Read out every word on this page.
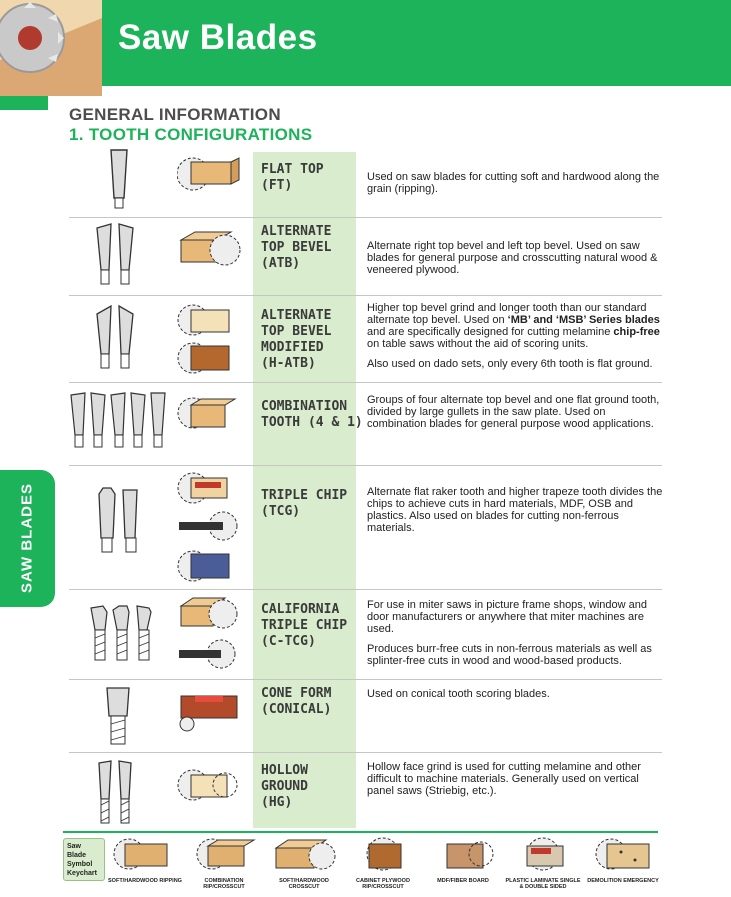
Saw Blades
SAW BLADES
GENERAL INFORMATION
1. TOOTH CONFIGURATIONS
FLAT TOP
(FT)

Used on saw blades for cutting soft and hardwood along the grain (ripping).

ALTERNATE
TOP BEVEL
(ATB)

Alternate right top bevel and left top bevel. Used on saw blades for general purpose and crosscutting natural wood & veneered plywood.

ALTERNATE
TOP BEVEL
MODIFIED
(H-ATB)

Higher top bevel grind and longer tooth than our standard alternate top bevel. Used on ‘MB’ and ‘MSB’ Series blades and are specifically designed for cutting melamine chip-free on table saws without the aid of scoring units.

Also used on dado sets, only every 6th tooth is flat ground.

COMBINATION
TOOTH (4 & 1)

Groups of four alternate top bevel and one flat ground tooth, divided by large gullets in the saw plate. Used on combination blades for general purpose wood applications.

TRIPLE CHIP
(TCG)

Alternate flat raker tooth and higher trapeze tooth divides the chips to achieve cuts in hard materials, MDF, OSB and plastics. Also used on blades for cutting non-ferrous materials.

CALIFORNIA
TRIPLE CHIP
(C-TCG)

For use in miter saws in picture frame shops, window and door manufacturers or anywhere that miter machines are used.

Produces burr-free cuts in non-ferrous materials as well as splinter-free cuts in wood and wood-based products.

CONE FORM
(CONICAL)

Used on conical tooth scoring blades.

HOLLOW
GROUND
(HG)

Hollow face grind is used for cutting melamine and other difficult to machine materials. Generally used on vertical panel saws (Striebig, etc.).

Saw Blade Symbol Keychart
SOFT/HARDWOOD RIPPING	COMBINATION RIP/CROSSCUT
SOFT/HARDWOOD CROSSCUT
CABINET PLYWOOD RIP/CROSSCUT
MDF/FIBER BOARD	PLASTIC LAMINATE SINGLE & DOUBLE SIDED
DEMOLITION EMERGENCY
